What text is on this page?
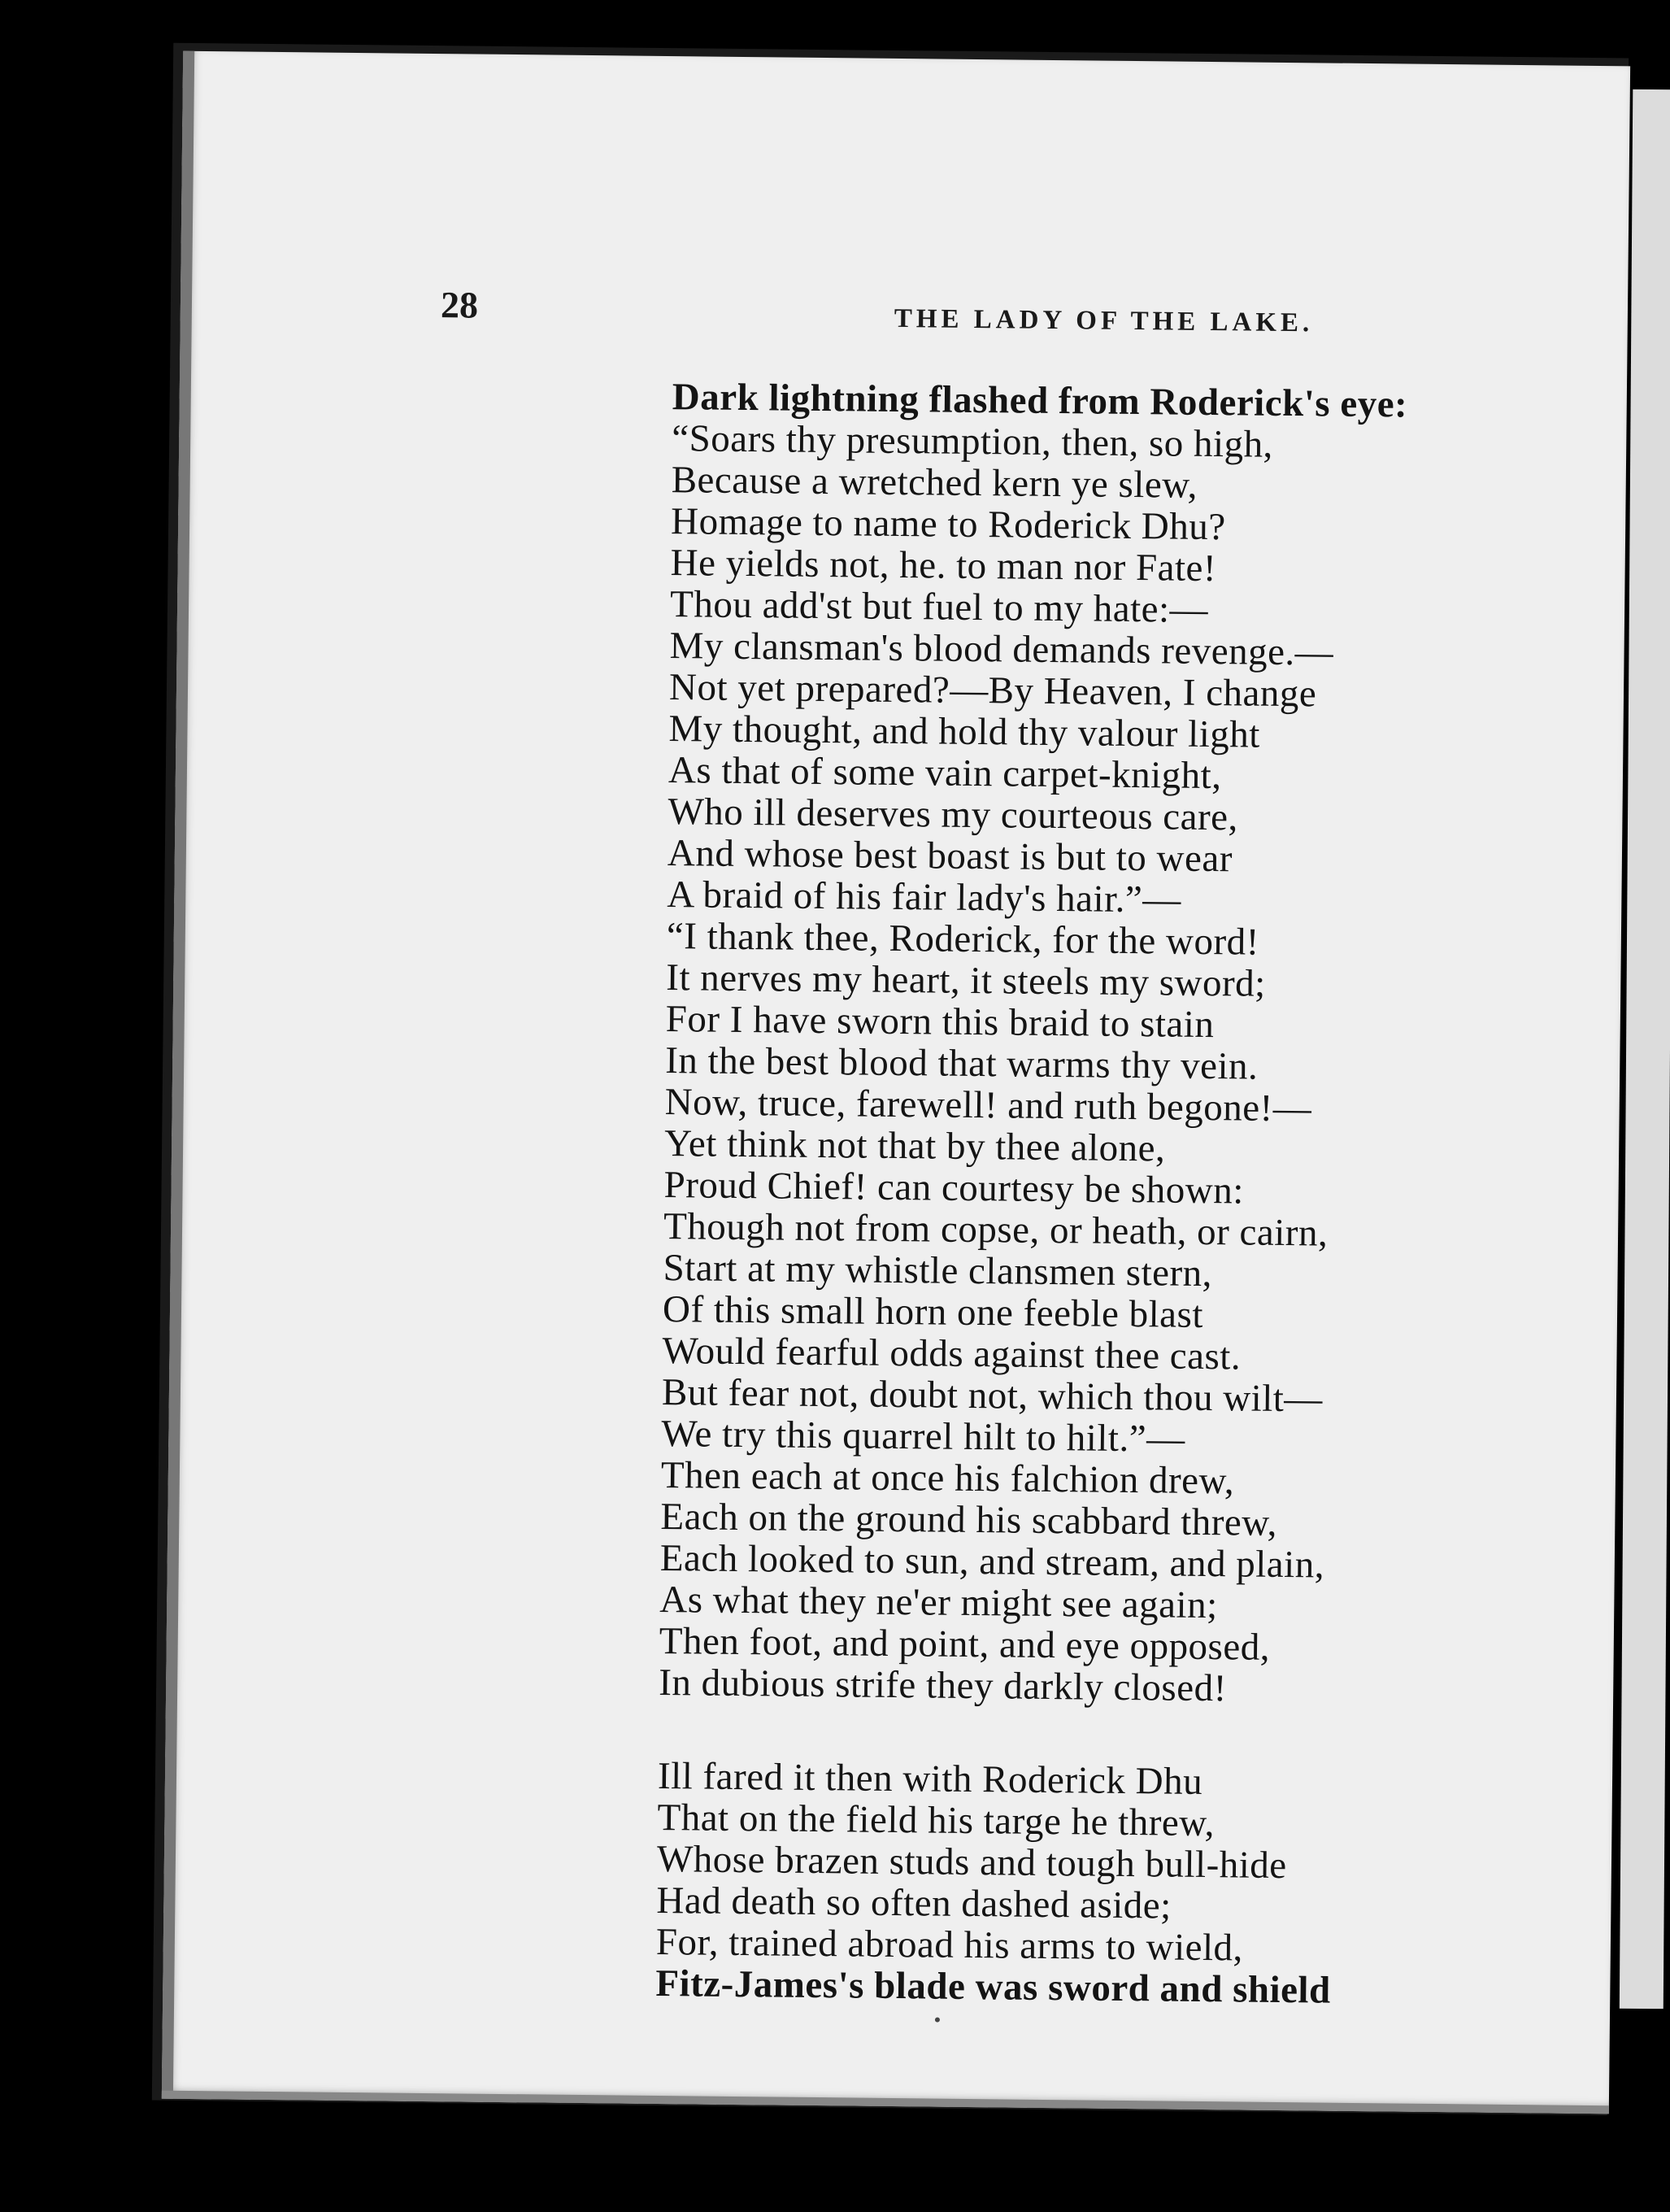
28	THE LADY OF THE LAKE.
Dark lightning flashed from Roderick's eye:
“Soars thy presumption, then, so high,
Because a wretched kern ye slew,
Homage to name to Roderick Dhu?
He yields not, he. to man nor Fate!
Thou add'st but fuel to my hate:—
My clansman's blood demands revenge.—
Not yet prepared?—By Heaven, I change
My thought, and hold thy valour light
As that of some vain carpet-knight,
Who ill deserves my courteous care,
And whose best boast is but to wear
A braid of his fair lady's hair.”—
“I thank thee, Roderick, for the word!
It nerves my heart, it steels my sword;
For I have sworn this braid to stain
In the best blood that warms thy vein.
Now, truce, farewell! and ruth begone!—
Yet think not that by thee alone,
Proud Chief! can courtesy be shown:
Though not from copse, or heath, or cairn,
Start at my whistle clansmen stern,
Of this small horn one feeble blast
Would fearful odds against thee cast.
But fear not, doubt not, which thou wilt—
We try this quarrel hilt to hilt.”—
Then each at once his falchion drew,
Each on the ground his scabbard threw,
Each looked to sun, and stream, and plain,
As what they ne'er might see again;
Then foot, and point, and eye opposed,
In dubious strife they darkly closed!
Ill fared it then with Roderick Dhu
That on the field his targe he threw,
Whose brazen studs and tough bull-hide
Had death so often dashed aside;
For, trained abroad his arms to wield,
Fitz-James's blade was sword and shield
